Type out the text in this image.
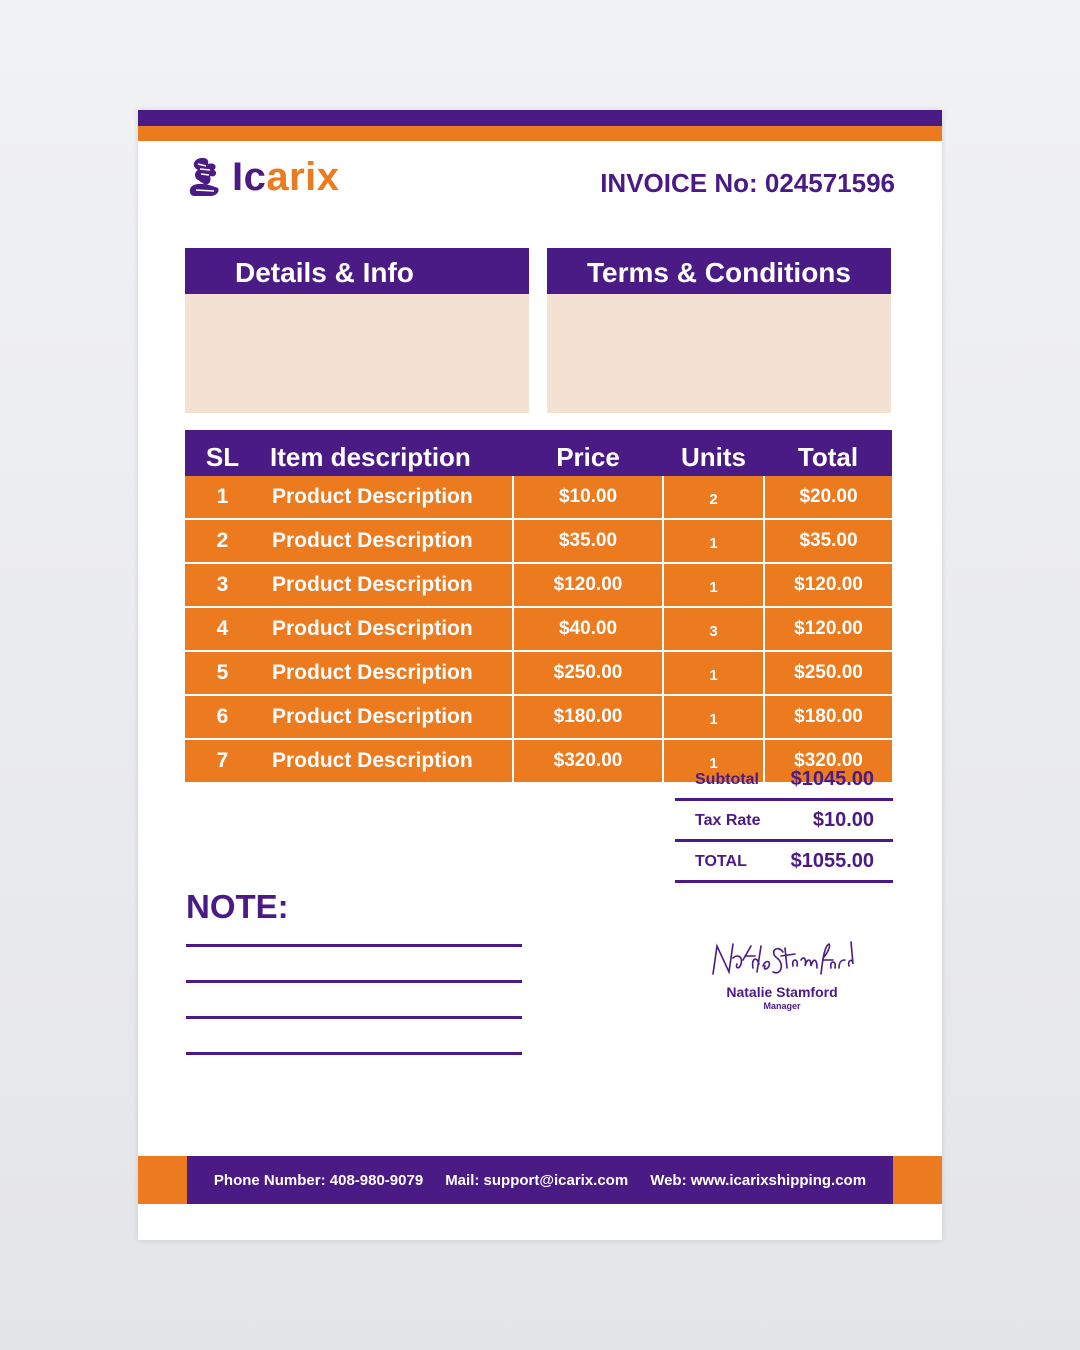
Icarix	INVOICE No: 024571596
Details & Info	Terms & Conditions
SL	Item description	Price	Units	Total
1	Product Description	$10.00	2	$20.00
2	Product Description	$35.00	1	$35.00
3	Product Description	$120.00	1	$120.00
4	Product Description	$40.00	3	$120.00
5	Product Description	$250.00	1	$250.00
6	Product Description	$180.00	1	$180.00
7	Product Description	$320.00	1	$320.00
Subtotal $1045.00
Tax Rate	$10.00
TOTAL $1055.00
NOTE:
Natalie Stamford
Manager
Phone Number: 408-980-9079 Mail: support@icarix.com Web: www.icarixshipping.com
